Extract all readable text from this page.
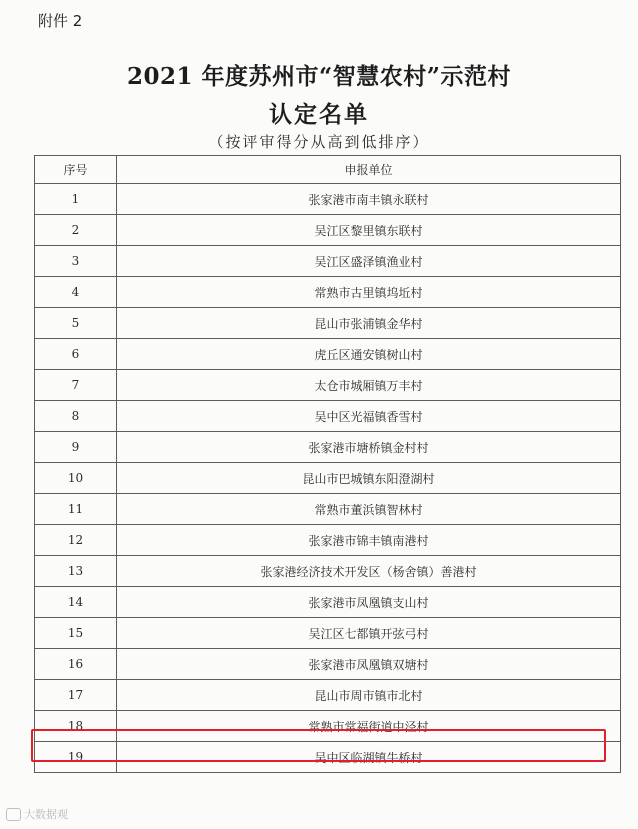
附件 2
2021 年度苏州市“智慧农村”示范村
认定名单
（按评审得分从高到低排序）
序号	申报单位
1	张家港市南丰镇永联村
2	吴江区黎里镇东联村
3	吴江区盛泽镇渔业村
4	常熟市古里镇坞坵村
5	昆山市张浦镇金华村
6	虎丘区通安镇树山村
7	太仓市城厢镇万丰村
8	吴中区光福镇香雪村
9	张家港市塘桥镇金村村
10	昆山市巴城镇东阳澄湖村
11	常熟市董浜镇智林村
12	张家港市锦丰镇南港村
13	张家港经济技术开发区（杨舍镇）善港村
14	张家港市凤凰镇支山村
15	吴江区七都镇开弦弓村
16	张家港市凤凰镇双塘村
17	昆山市周市镇市北村
18	常熟市常福街道中泾村
19	吴中区临湖镇牛桥村
大数据观
